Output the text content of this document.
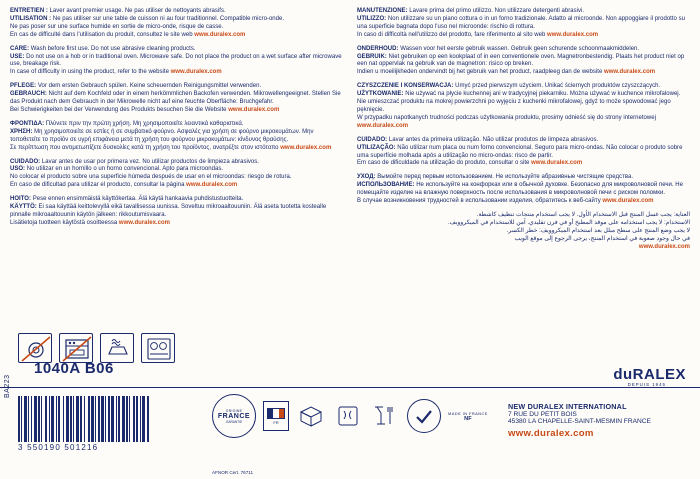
ENTRETIEN : Laver avant premier usage. Ne pas utiliser de nettoyants abrasifs.

UTILISATION : Ne pas utiliser sur une table de cuisson ni au four traditionnel. Compatible micro-onde.

Ne pas poser sur une surface humide en sortie de micro-onde, risque de casse.

En cas de difficulté dans l'utilisation du produit, consultez le site web www.duralex.com

CARE: Wash before first use. Do not use abrasive cleaning products.

USE: Do not use on a hob or in traditional oven. Microwave safe. Do not place the product on a wet surface after microwave use, breakage risk.

In case of difficulty in using the product, refer to the website www.duralex.com

PFLEGE: Vor dem ersten Gebrauch spülen. Keine scheuernden Reinigungsmittel verwenden.

GEBRAUCH: Nicht auf dem Kochfeld oder in einem herkömmlichen Backofen verwenden. Mikrowellengeeignet. Stellen Sie das Produkt nach dem Gebrauch in der Mikrowelle nicht auf eine feuchte Oberfläche: Bruchgefahr.

Bei Schwierigkeiten bei der Verwendung des Produkts besuchen Sie die Website www.duralex.com

ΦΡΟΝΤΙΔΑ: Πλύνετε πριν την πρώτη χρήση. Μη χρησιμοποιείτε λειαντικά καθαριστικά.

ΧΡΗΣΗ: Μη χρησιμοποιείτε σε εστίες ή σε συμβατικό φούρνο. Ασφαλές για χρήση σε φούρνο μικροκυμάτων. Μην τοποθετείτε το προϊόν σε υγρή επιφάνεια μετά τη χρήση του φούρνου μικροκυμάτων: κίνδυνος θραύσης.

Σε περίπτωση που αντιμετωπίζετε δυσκολίες κατά τη χρήση του προϊόντος, ανατρέξτε στον ιστότοπο www.duralex.com

CUIDADO: Lavar antes de usar por primera vez. No utilizar productos de limpieza abrasivos.

USO: No utilizar en un hornillo o un horno convencional. Apto para microondas.

No colocar el producto sobre una superficie húmeda después de usar en el microondas: riesgo de rotura.

En caso de dificultad para utilizar el producto, consultar la página www.duralex.com

HOITO: Pese ennen ensimmäistä käyttökertaa. Älä käytä hankaavia puhdistustuotteita.

KÄYTTÖ: Ei saa käyttää keittolevyllä eikä tavallisessa uunissa. Soveltuu mikroaaltouuniin. Älä aseta tuotetta kostealle pinnalle mikroaaltouunin käytön jälkeen: rikkoutumisvaara.

Lisätietoja tuotteen käytöstä osoitteessa www.duralex.com

MANUTENZIONE: Lavare prima del primo utilizzo. Non utilizzare detergenti abrasivi.

UTILIZZO: Non utilizzare su un piano cottura o in un forno tradizionale. Adatto al microonde. Non appoggiare il prodotto su una superficie bagnata dopo l'uso nel microonde: rischio di rottura.

In caso di difficoltà nell'utilizzo del prodotto, fare riferimento al sito web www.duralex.com

ONDERHOUD: Wassen voor het eerste gebruik wassen. Gebruik geen schurende schoonmaakmiddelen.

GEBRUIK: Niet gebruiken op een kookplaat of in een conventionele oven. Magnetronbestendig. Plaats het product niet op een nat oppervlak na gebruik van de magnetron: risico op breken.

Indien u moeilijkheden ondervindt bij het gebruik van het product, raadpleeg dan de website www.duralex.com

CZYSZCZENIE I KONSERWACJA: Umyć przed pierwszym użyciem. Unikać ściernych produktów czyszczących.

UŻYTKOWANIE: Nie używać na płycie kuchennej ani w tradycyjnej piekarniku. Można używać w kuchence mikrofalowej. Nie umieszczać produktu na mokrej powierzchni po wyjęciu z kuchenki mikrofalowej, gdyż to może spowodować jego pęknięcie.

W przypadku napotkanych trudności podczas użytkowania produktu, prosimy odnieść się do strony internetowej www.duralex.com

CUIDADO: Lavar antes da primeira utilização. Não utilizar produtos de limpeza abrasivos.

UTILIZAÇÃO: Não utilizar num placa ou num forno convencional. Seguro para micro-ondas. Não colocar o produto sobre uma superfície molhada após a utilização no micro-ondas: risco de partir.

Em caso de dificuldade na utilização do produto, consultar o site www.duralex.com

УХОД: Вымойте перед первым использованием. Не используйте абразивные чистящие средства.

ИСПОЛЬЗОВАНИЕ: Не используйте на конфорках или в обычной духовке. Безопасно для микроволновой печи. Не помещайте изделие на влажную поверхность после использования в микроволновой печи с риском поломки.

В случае возникновения трудностей в использовании изделия, обратитесь к веб-сайту www.duralex.com

العناية: يجب غسل المنتج قبل الاستخدام الأول. لا يجب استخدام منتجات تنظيف كاشطة.

الاستخدام: لا يجب استخدامه على موقد المطبخ أو في فرن تقليدي. آمن للاستخدام في الميكروويف.

لا يجب وضع المنتج على سطح مبلل بعد استخدام الميكروويف: خطر الكسر.

في حال وجود صعوبة في استخدام المنتج، يرجى الرجوع إلى موقع الويب

www.duralex.com

1040A B06
BA223
3 550190 501216
ORIGINE
FRANCE
GARANTIE	FR
MADE IN FRANCE
NF
AFNOR Cert. 76711
duRALEX
DEPUIS 1945
NEW DURALEX INTERNATIONAL
7 RUE DU PETIT BOIS
45380 LA CHAPELLE-SAINT-MESMIN FRANCE
www.duralex.com
